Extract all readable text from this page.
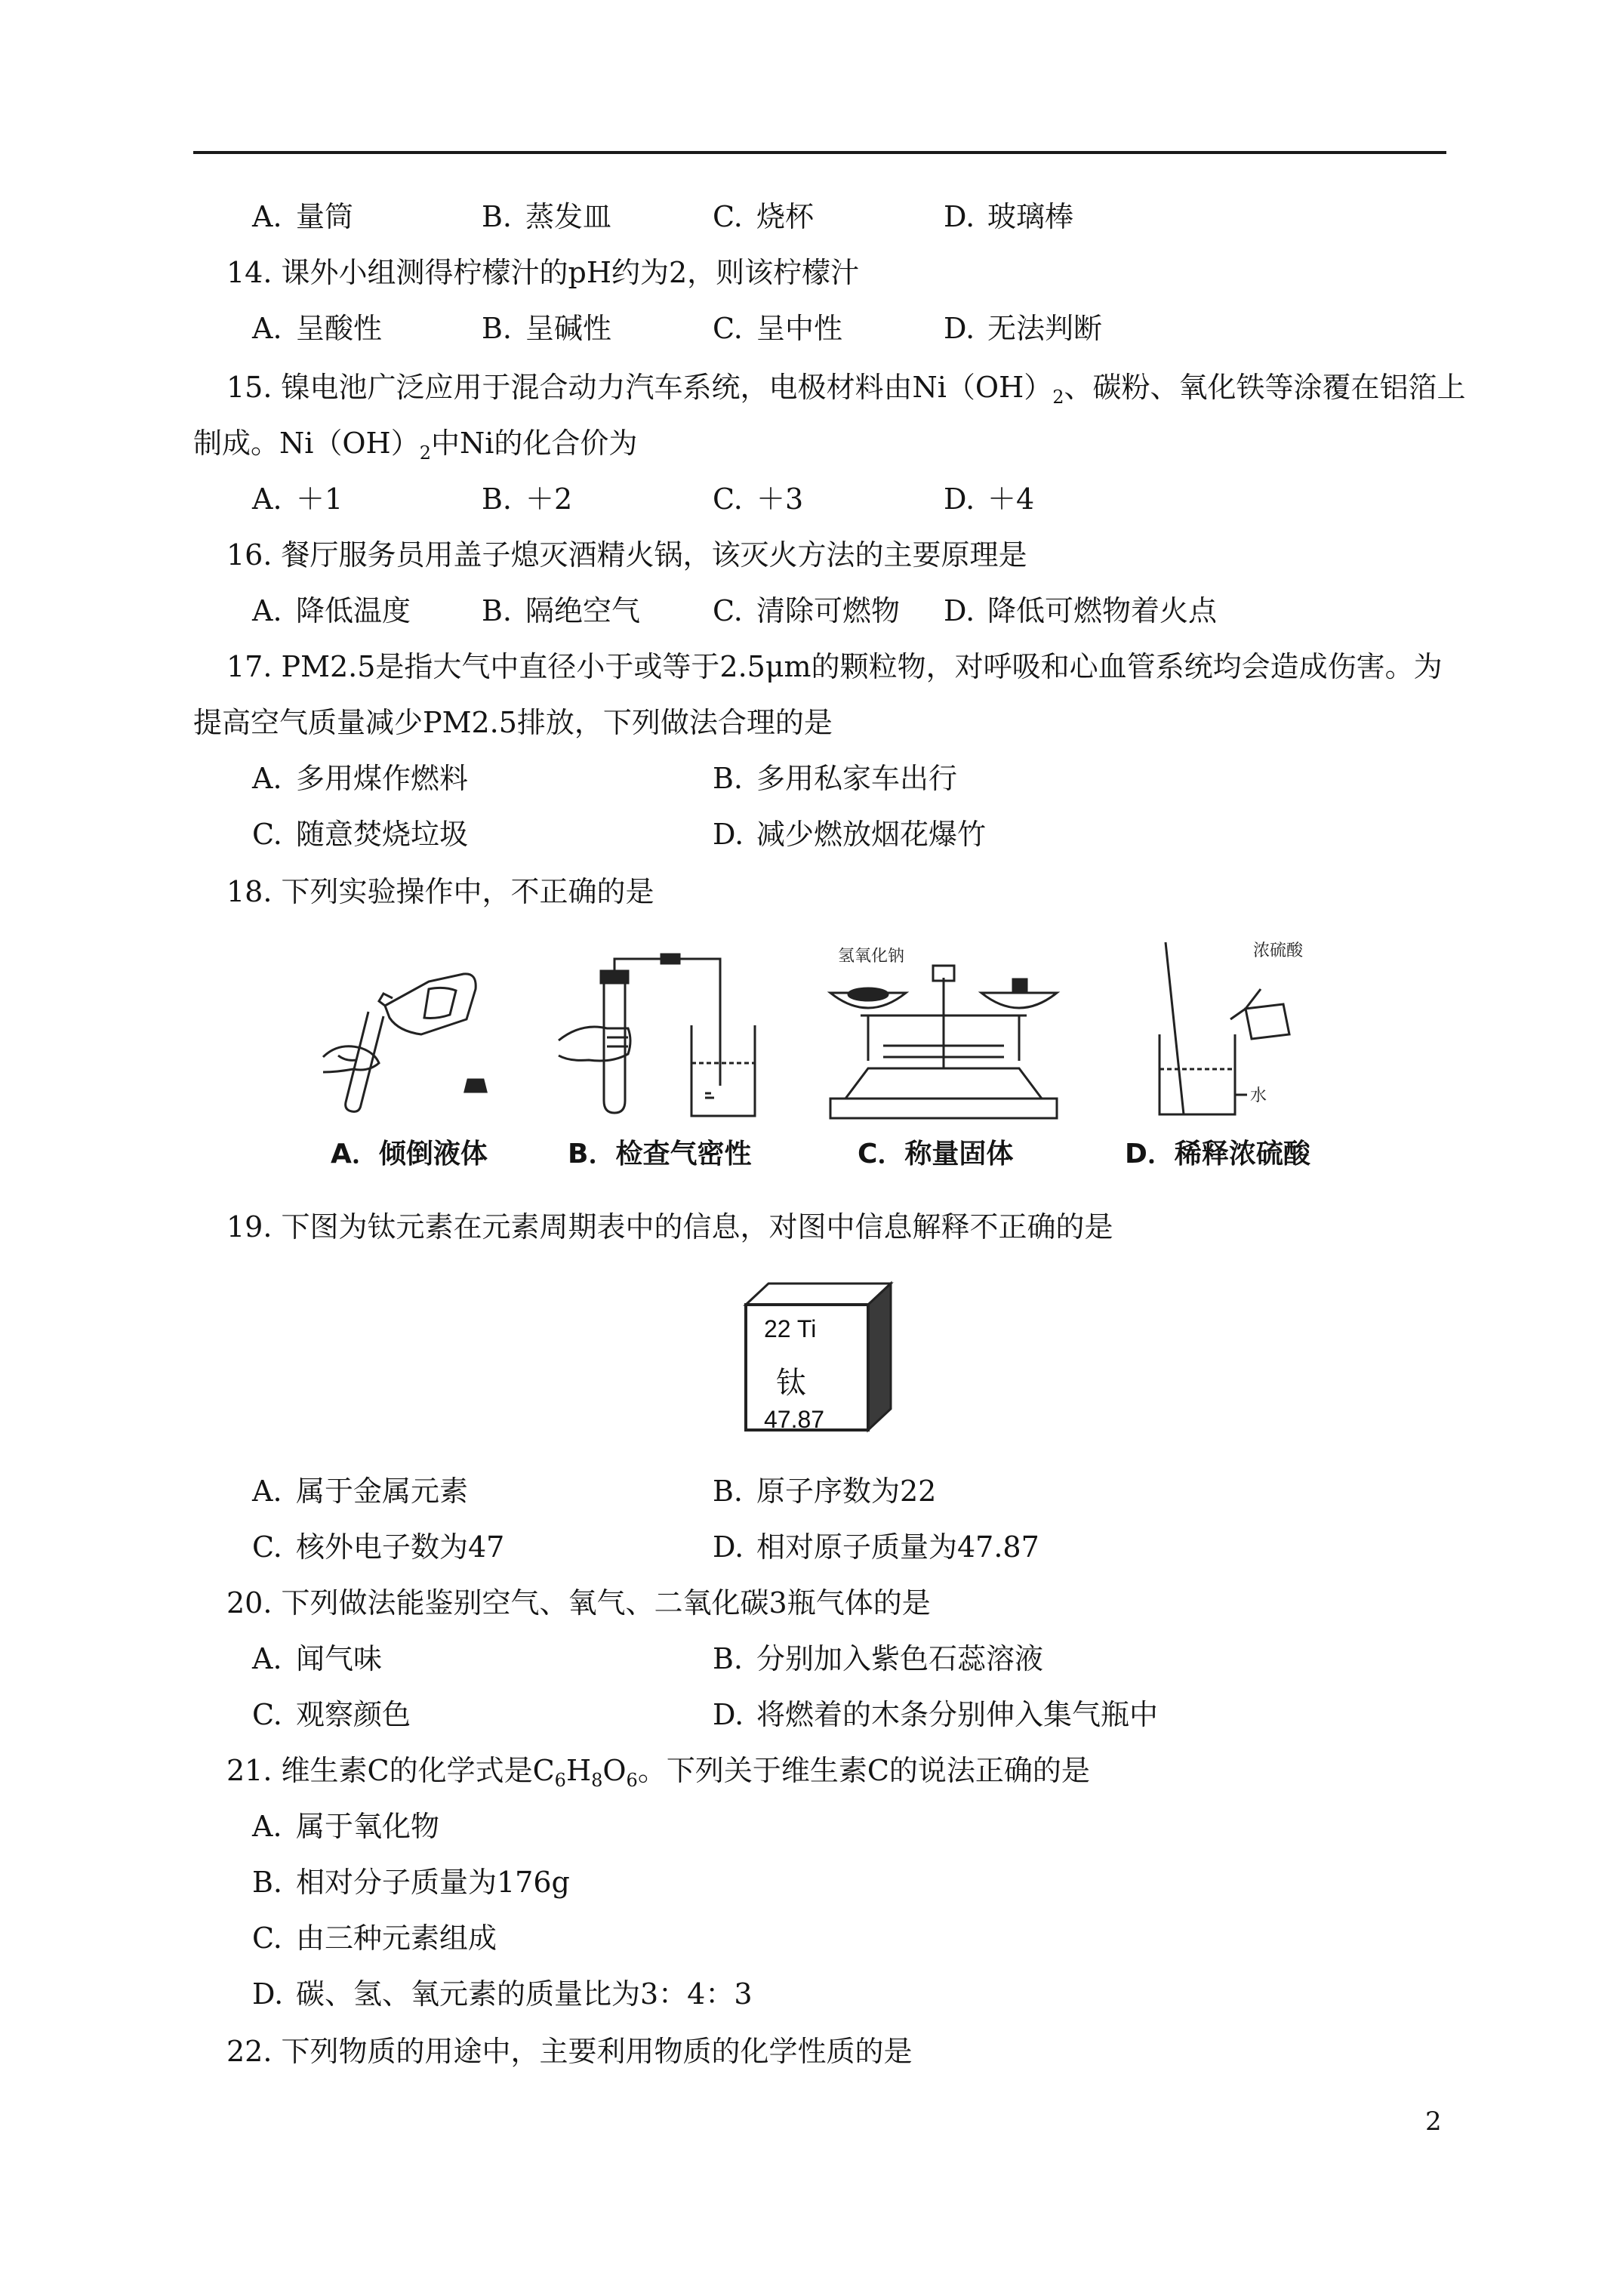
A. 量筒	B. 蒸发皿	C. 烧杯	D. 玻璃棒
14. 课外小组测得柠檬汁的pH约为2，则该柠檬汁
A. 呈酸性	B. 呈碱性	C. 呈中性	D. 无法判断
15. 镍电池广泛应用于混合动力汽车系统，电极材料由$Ni(OH)_2$、碳粉、氧化铁等涂覆在铝箔上
制成。$Ni(OH)_2$中Ni的化合价为
A. ＋1	B. ＋2	C. ＋3	D. ＋4
16. 餐厅服务员用盖子熄灭酒精火锅，该灭火方法的主要原理是
A. 降低温度 B. 隔绝空气	C. 清除可燃物 D. 降低可燃物着火点
17. PM2.5是指大气中直径小于或等于2.5μm的颗粒物，对呼吸和心血管系统均会造成伤害。为
提高空气质量减少PM2.5排放，下列做法合理的是
A. 多用煤作燃料	B. 多用私家车出行
C. 随意焚烧垃圾	D. 减少燃放烟花爆竹
18. 下列实验操作中，不正确的是
氢氧化钠	浓硫酸
水
A．倾倒液体	B．检查气密性	C．称量固体	D．稀释浓硫酸
19. 下图为钛元素在元素周期表中的信息，对图中信息解释不正确的是
22 Ti
钛
47.87
A. 属于金属元素	B. 原子序数为22
C. 核外电子数为47	D. 相对原子质量为47.87
20. 下列做法能鉴别空气、氧气、二氧化碳3瓶气体的是
A. 闻气味	B. 分别加入紫色石蕊溶液
C. 观察颜色	D. 将燃着的木条分别伸入集气瓶中
21. 维生素C的化学式是$C_6H_8O_6$。下列关于维生素C的说法正确的是
A. 属于氧化物
B. 相对分子质量为176g
C. 由三种元素组成
D. 碳、氢、氧元素的质量比为3：4：3
22. 下列物质的用途中，主要利用物质的化学性质的是
2
